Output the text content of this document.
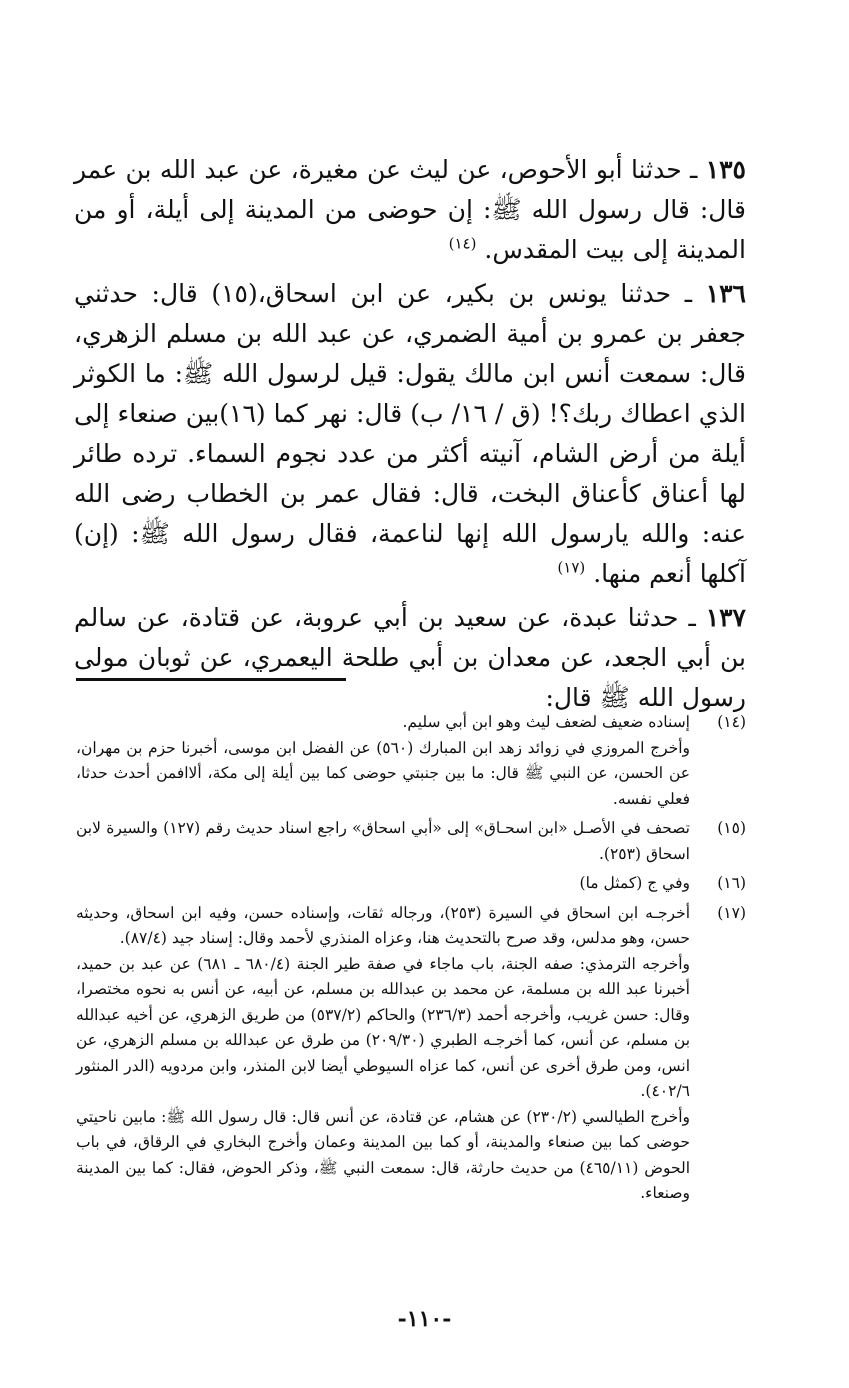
١٣٥ ـ حدثنا أبو الأحوص، عن ليث عن مغيرة، عن عبد الله بن عمر قال: قال رسول الله ﷺ: إن حوضى من المدينة إلى أيلة، أو من المدينة إلى بيت المقدس. $^{(١٤)}$

١٣٦ ـ حدثنا يونس بن بكير، عن ابن اسحاق،(١٥) قال: حدثني جعفر بن عمرو بن أمية الضمري، عن عبد الله بن مسلم الزهري، قال: سمعت أنس ابن مالك يقول: قيل لرسول الله ﷺ: ما الكوثر الذي اعطاك ربك؟! (ق / ١٦/ ب) قال: نهر كما (١٦)بين صنعاء إلى أيلة من أرض الشام، آنيته أكثر من عدد نجوم السماء. ترده طائر لها أعناق كأعناق البخت، قال: فقال عمر بن الخطاب رضى الله عنه: والله يارسول الله إنها لناعمة، فقال رسول الله ﷺ: (إن) آكلها أنعم منها. $^{(١٧)}$

١٣٧ ـ حدثنا عبدة، عن سعيد بن أبي عروبة، عن قتادة، عن سالم بن أبي الجعد، عن معدان بن أبي طلحة اليعمري، عن ثوبان مولى رسول الله ﷺ قال:

(١٤)

إسناده ضعيف لضعف ليث وهو ابن أبي سليم.

وأخرج المروزي في زوائد زهد ابن المبارك (٥٦٠) عن الفضل ابن موسى، أخبرنا حزم بن مهران، عن الحسن، عن النبي ﷺ قال: ما بين جنبتي حوضى كما بين أيلة إلى مكة، ألاافمن أحدث حدثا، فعلي نفسه.

(١٥)

تصحف في الأصـل «ابن اسحـاق» إلى «أبي اسحاق» راجع اسناد حديث رقم (١٢٧) والسيرة لابن اسحاق (٢٥٣).

(١٦)

وفي ج (كمثل ما)

(١٧)

أخرجـه ابن اسحاق في السيرة (٢٥٣)، ورجاله ثقات، وإسناده حسن، وفيه ابن اسحاق، وحديثه حسن، وهو مدلس، وقد صرح بالتحديث هنا، وعزاه المنذري لأحمد وقال: إسناد جيد (٨٧/٤).

وأخرجه الترمذي: صفه الجنة، باب ماجاء في صفة طير الجنة (٦٨٠/٤ ـ ٦٨١) عن عبد بن حميد، أخبرنا عبد الله بن مسلمة، عن محمد بن عبدالله بن مسلم، عن أبيه، عن أنس به نحوه مختصرا، وقال: حسن غريب، وأخرجه أحمد (٢٣٦/٣) والحاكم (٥٣٧/٢) من طريق الزهري، عن أخيه عبدالله بن مسلم، عن أنس، كما أخرجـه الطبري (٢٠٩/٣٠) من طرق عن عبدالله بن مسلم الزهري، عن انس، ومن طرق أخرى عن أنس، كما عزاه السيوطي أيضا لابن المنذر، وابن مردويه (الدر المنثور ٤٠٢/٦).

وأخرج الطيالسي (٢٣٠/٢) عن هشام، عن قتادة، عن أنس قال: قال رسول الله ﷺ: مابين ناحيتي حوضى كما بين صنعاء والمدينة، أو كما بين المدينة وعمان وأخرج البخاري في الرقاق، في باب الحوض (٤٦٥/١١) من حديث حارثة، قال: سمعت النبي ﷺ، وذكر الحوض، فقال: كما بين المدينة وصنعاء.

-١١٠-
